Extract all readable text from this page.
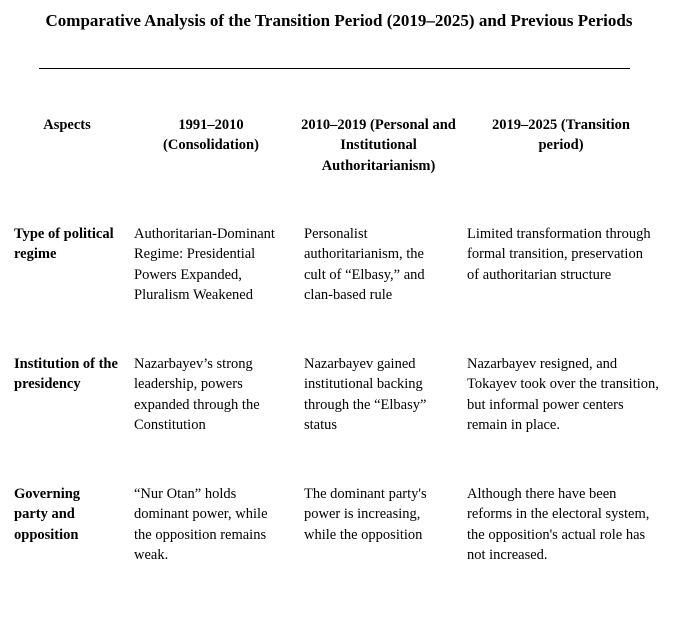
Comparative Analysis of the Transition Period (2019–2025) and Previous Periods
Aspects	1991–2010 (Consolidation)
2010–2019 (Personal and Institutional Authoritarianism)
2019–2025 (Transition period)
Type of political regime
Authoritarian-Dominant Regime: Presidential Powers Expanded, Pluralism Weakened
Personalist authoritarianism, the cult of “Elbasy,” and clan-based rule
Limited transformation through formal transition, preservation of authoritarian structure
Institution of the presidency
Nazarbayev’s strong leadership, powers expanded through the Constitution
Nazarbayev gained institutional backing through the “Elbasy” status
Nazarbayev resigned, and Tokayev took over the transition, but informal power centers remain in place.
Governing party and opposition
“Nur Otan” holds dominant power, while the opposition remains weak.
The dominant party's power is increasing, while the opposition
Although there have been reforms in the electoral system, the opposition's actual role has not increased.
